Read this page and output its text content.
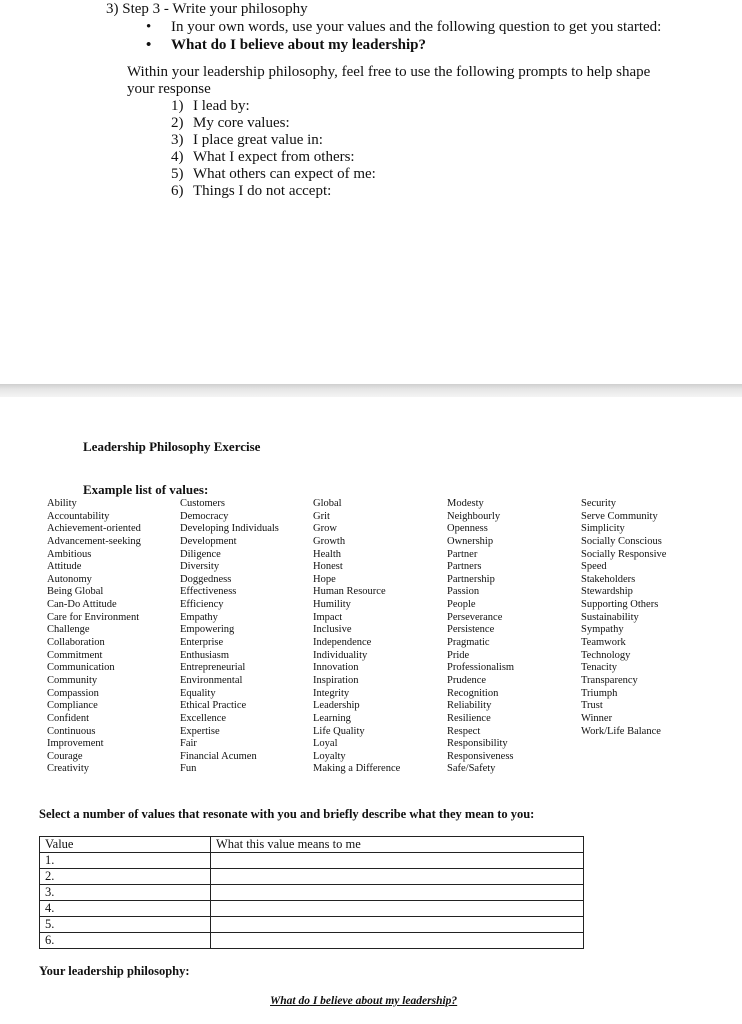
3) Step 3 - Write your philosophy
• In your own words, use your values and the following question to get you started:
• What do I believe about my leadership?
Within your leadership philosophy, feel free to use the following prompts to help shape your response
1) I lead by:
2) My core values:
3) I place great value in:
4) What I expect from others:
5) What others can expect of me:
6) Things I do not accept:
Leadership Philosophy Exercise
Example list of values:
Ability
Accountability
Achievement-oriented
Advancement-seeking
Ambitious
Attitude
Autonomy
Being Global
Can-Do Attitude
Care for Environment
Challenge
Collaboration
Commitment
Communication
Community
Compassion
Compliance
Confident
Continuous
Improvement
Courage
Creativity
Customers
Democracy
Developing Individuals
Development
Diligence
Diversity
Doggedness
Effectiveness
Efficiency
Empathy
Empowering
Enterprise
Enthusiasm
Entrepreneurial
Environmental
Equality
Ethical Practice
Excellence
Expertise
Fair
Financial Acumen
Fun
Global
Grit
Grow
Growth
Health
Honest
Hope
Human Resource
Humility
Impact
Inclusive
Independence
Individuality
Innovation
Inspiration
Integrity
Leadership
Learning
Life Quality
Loyal
Loyalty
Making a Difference
Modesty
Neighbourly
Openness
Ownership
Partner
Partners
Partnership
Passion
People
Perseverance
Persistence
Pragmatic
Pride
Professionalism
Prudence
Recognition
Reliability
Resilience
Respect
Responsibility
Responsiveness
Safe/Safety
Security
Serve Community
Simplicity
Socially Conscious
Socially Responsive
Speed
Stakeholders
Stewardship
Supporting Others
Sustainability
Sympathy
Teamwork
Technology
Tenacity
Transparency
Triumph
Trust
Winner
Work/Life Balance
Select a number of values that resonate with you and briefly describe what they mean to you:
Value	What this value means to me
1.	
2.	
3.	
4.	
5.	
6.	
Your leadership philosophy:
What do I believe about my leadership?
